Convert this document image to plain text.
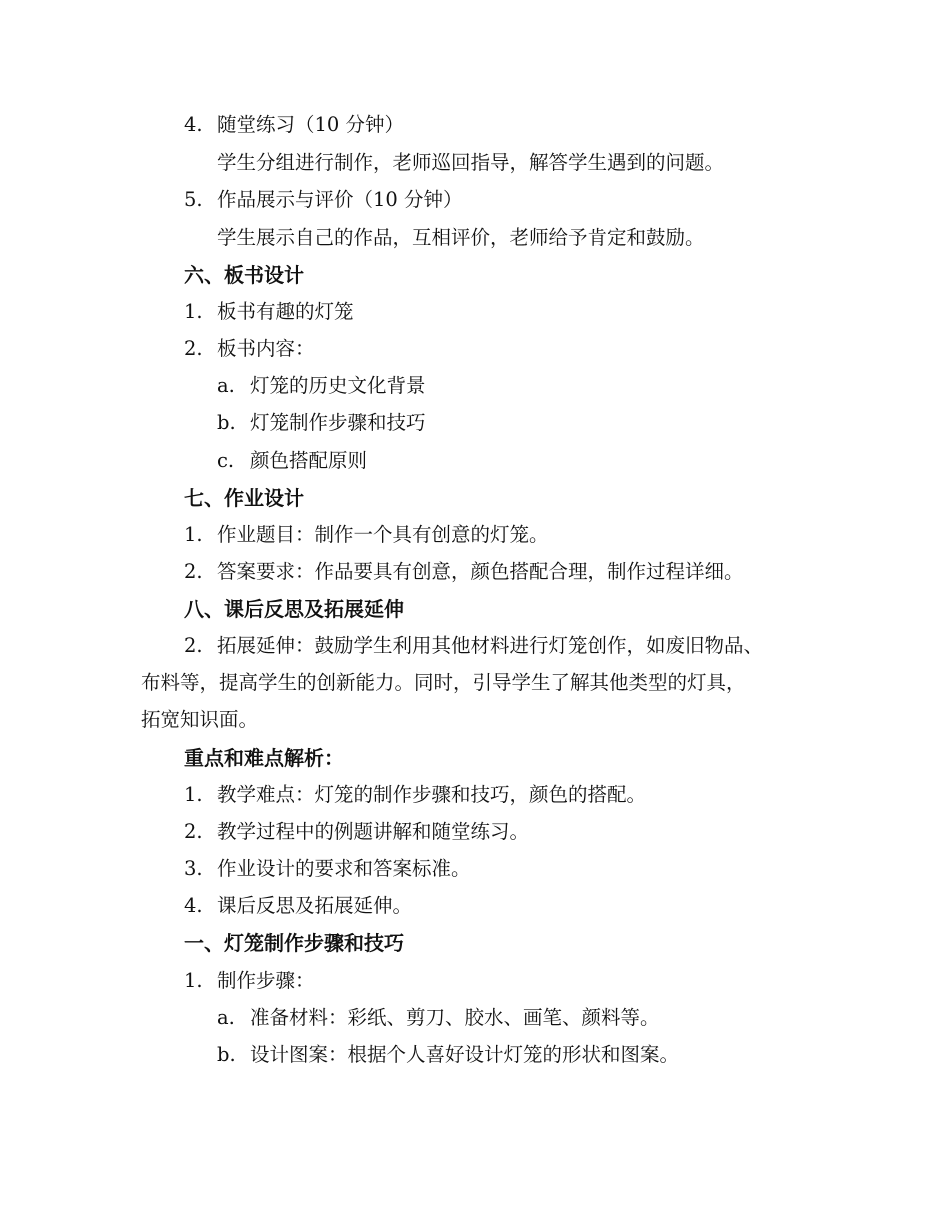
4. 随堂练习（10 分钟）
学生分组进行制作，老师巡回指导，解答学生遇到的问题。
5. 作品展示与评价（10 分钟）
学生展示自己的作品，互相评价，老师给予肯定和鼓励。
六、板书设计
1. 板书有趣的灯笼
2. 板书内容：
a. 灯笼的历史文化背景
b. 灯笼制作步骤和技巧
c. 颜色搭配原则
七、作业设计
1. 作业题目：制作一个具有创意的灯笼。
2. 答案要求：作品要具有创意，颜色搭配合理，制作过程详细。
八、课后反思及拓展延伸
2. 拓展延伸：鼓励学生利用其他材料进行灯笼创作，如废旧物品、
布料等，提高学生的创新能力。同时，引导学生了解其他类型的灯具，
拓宽知识面。
重点和难点解析：
1. 教学难点：灯笼的制作步骤和技巧，颜色的搭配。
2. 教学过程中的例题讲解和随堂练习。
3. 作业设计的要求和答案标准。
4. 课后反思及拓展延伸。
一、灯笼制作步骤和技巧
1. 制作步骤：
a. 准备材料：彩纸、剪刀、胶水、画笔、颜料等。
b. 设计图案：根据个人喜好设计灯笼的形状和图案。
